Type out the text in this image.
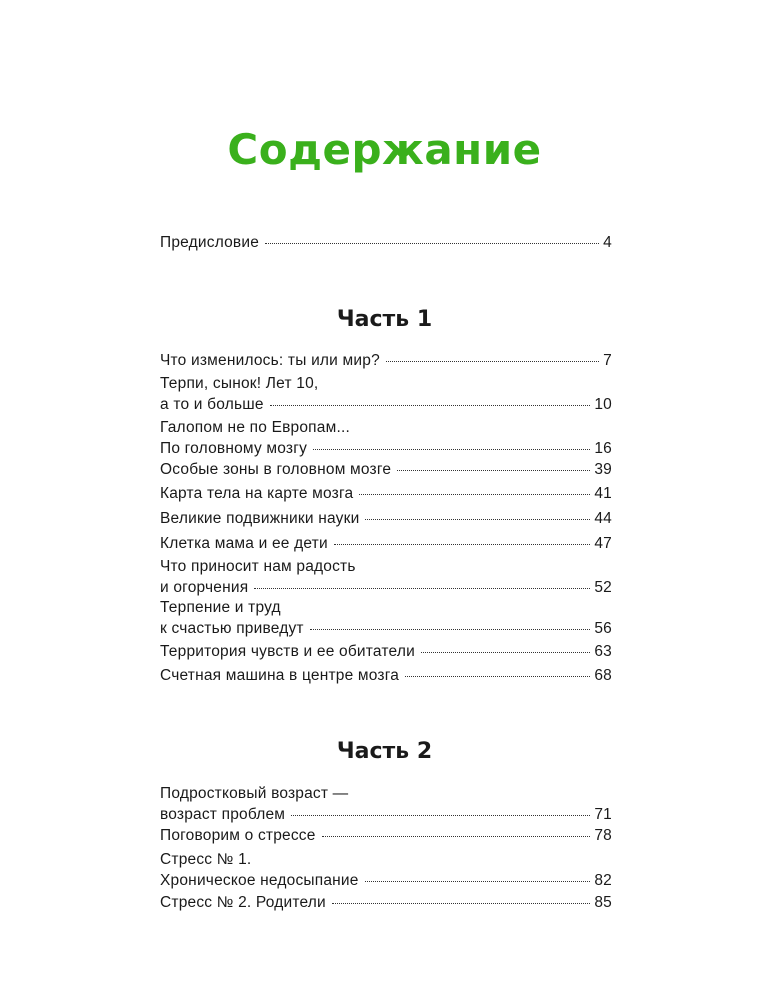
Содержание
Предисловие	4
Часть 1
Что изменилось: ты или мир?	7
Терпи, сынок! Лет 10,
а то и больше	10
Галопом не по Европам...
По головному мозгу	16
Особые зоны в головном мозге	39
Карта тела на карте мозга	41
Великие подвижники науки	44
Клетка мама и ее дети	47
Что приносит нам радость
и огорчения	52
Терпение и труд
к счастью приведут	56
Территория чувств и ее обитатели	63
Счетная машина в центре мозга	68
Часть 2
Подростковый возраст —
возраст проблем	71
Поговорим о стрессе	78
Стресс № 1.
Хроническое недосыпание	82
Стресс № 2. Родители	85
